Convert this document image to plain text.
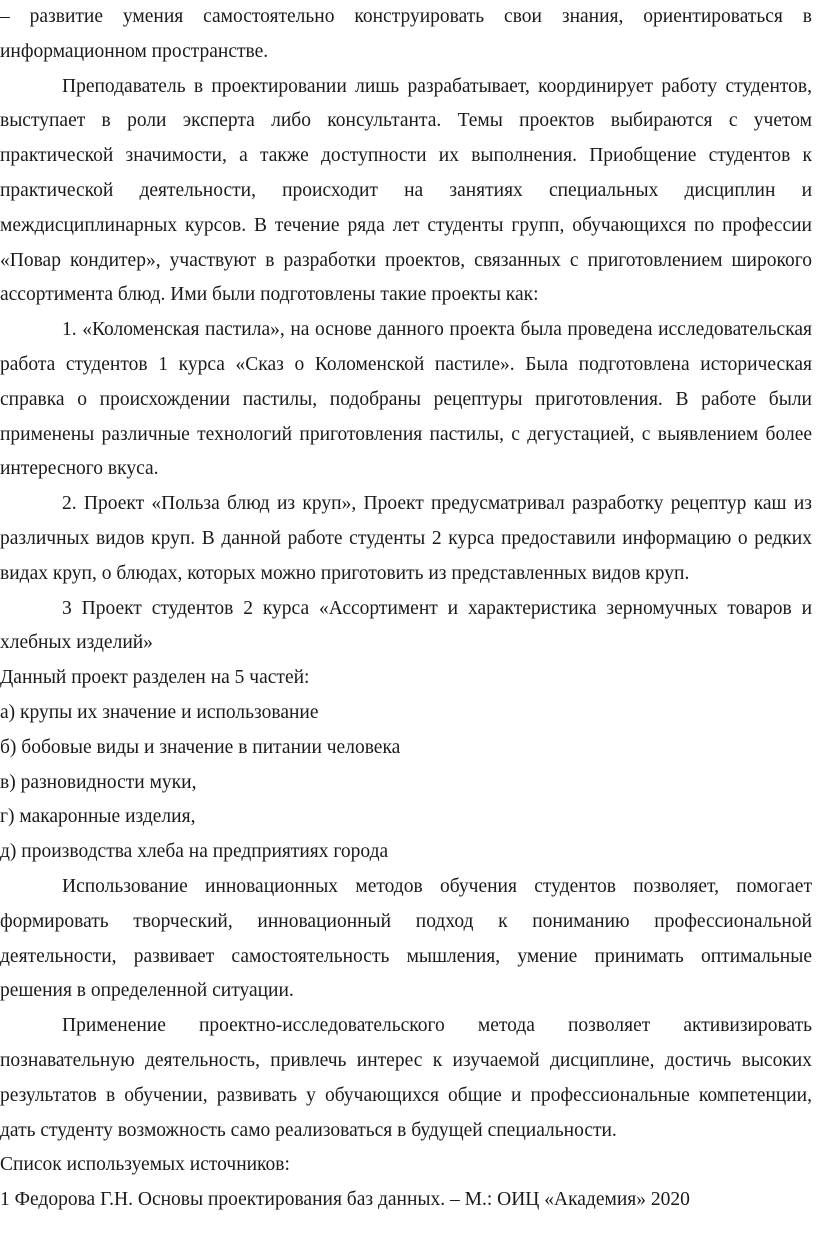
– развитие умения самостоятельно конструировать свои знания, ориентироваться в информационном пространстве.

Преподаватель в проектировании лишь разрабатывает, координирует работу студентов, выступает в роли эксперта либо консультанта. Темы проектов выбираются с учетом практической значимости, а также доступности их выполнения. Приобщение студентов к практической деятельности, происходит на занятиях специальных дисциплин и междисциплинарных курсов. В течение ряда лет студенты групп, обучающихся по профессии «Повар кондитер», участвуют в разработки проектов, связанных с приготовлением широкого ассортимента блюд. Ими были подготовлены такие проекты как:

1. «Коломенская пастила», на основе данного проекта была проведена исследовательская работа студентов 1 курса «Сказ о Коломенской пастиле». Была подготовлена историческая справка о происхождении пастилы, подобраны рецептуры приготовления. В работе были применены различные технологий приготовления пастилы, с дегустацией, с выявлением более интересного вкуса.

2. Проект «Польза блюд из круп», Проект предусматривал разработку рецептур каш из различных видов круп. В данной работе студенты 2 курса предоставили информацию о редких видах круп, о блюдах, которых можно приготовить из представленных видов круп.

3 Проект студентов 2 курса «Ассортимент и характеристика зерномучных товаров и хлебных изделий»

Данный проект разделен на 5 частей:

а) крупы их значение и использование

б) бобовые виды и значение в питании человека

в) разновидности муки,

г) макаронные изделия,

д) производства хлеба на предприятиях города

Использование инновационных методов обучения студентов позволяет, помогает формировать творческий, инновационный подход к пониманию профессиональной деятельности, развивает самостоятельность мышления, умение принимать оптимальные решения в определенной ситуации.

Применение проектно-исследовательского метода позволяет активизировать познавательную деятельность, привлечь интерес к изучаемой дисциплине, достичь высоких результатов в обучении, развивать у обучающихся общие и профессиональные компетенции, дать студенту возможность само реализоваться в будущей специальности.

Список используемых источников:

1 Федорова Г.Н. Основы проектирования баз данных. – М.: ОИЦ «Академия» 2020
